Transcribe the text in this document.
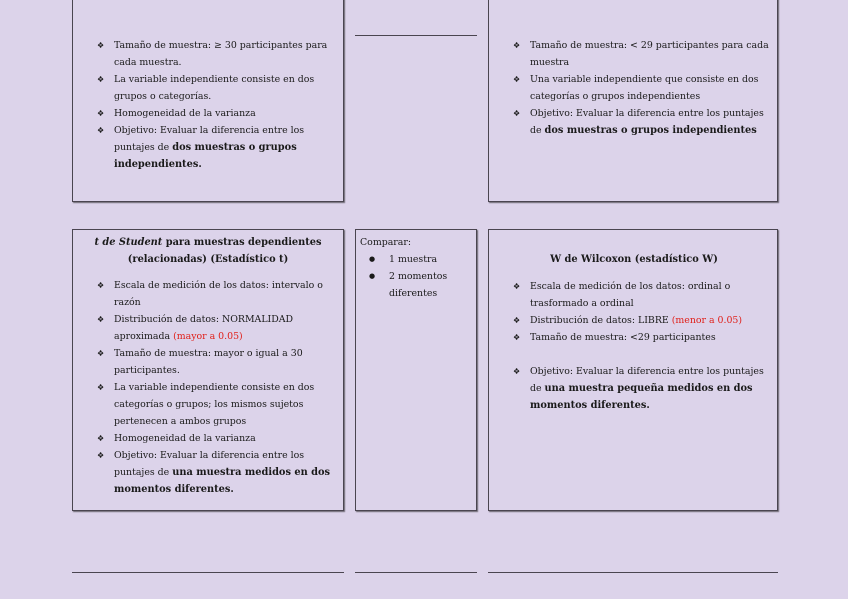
❖ Tamaño de muestra: ≥ 30 participantes para cada muestra.
❖ La variable independiente consiste en dos grupos o categorías.
❖ Homogeneidad de la varianza
❖ Objetivo: Evaluar la diferencia entre los puntajes de dos muestras o grupos independientes.
❖ Tamaño de muestra: < 29 participantes para cada muestra
❖ Una variable independiente que consiste en dos categorías o grupos independientes
❖ Objetivo: Evaluar la diferencia entre los puntajes de dos muestras o grupos independientes
t de Student para muestras dependientes (relacionadas) (Estadístico t)
❖ Escala de medición de los datos: intervalo o razón
❖ Distribución de datos: NORMALIDAD aproximada (mayor a 0.05)
❖ Tamaño de muestra: mayor o igual a 30 participantes.
❖ La variable independiente consiste en dos categorías o grupos; los mismos sujetos pertenecen a ambos grupos
❖ Homogeneidad de la varianza
❖ Objetivo: Evaluar la diferencia entre los puntajes de una muestra medidos en dos momentos diferentes.
Comparar:
● 1 muestra
● 2 momentos diferentes
W de Wilcoxon (estadístico W)
❖ Escala de medición de los datos: ordinal o trasformado a ordinal
❖ Distribución de datos: LIBRE (menor a 0.05)
❖ Tamaño de muestra: <29 participantes
❖ Objetivo: Evaluar la diferencia entre los puntajes de una muestra pequeña medidos en dos momentos diferentes.
